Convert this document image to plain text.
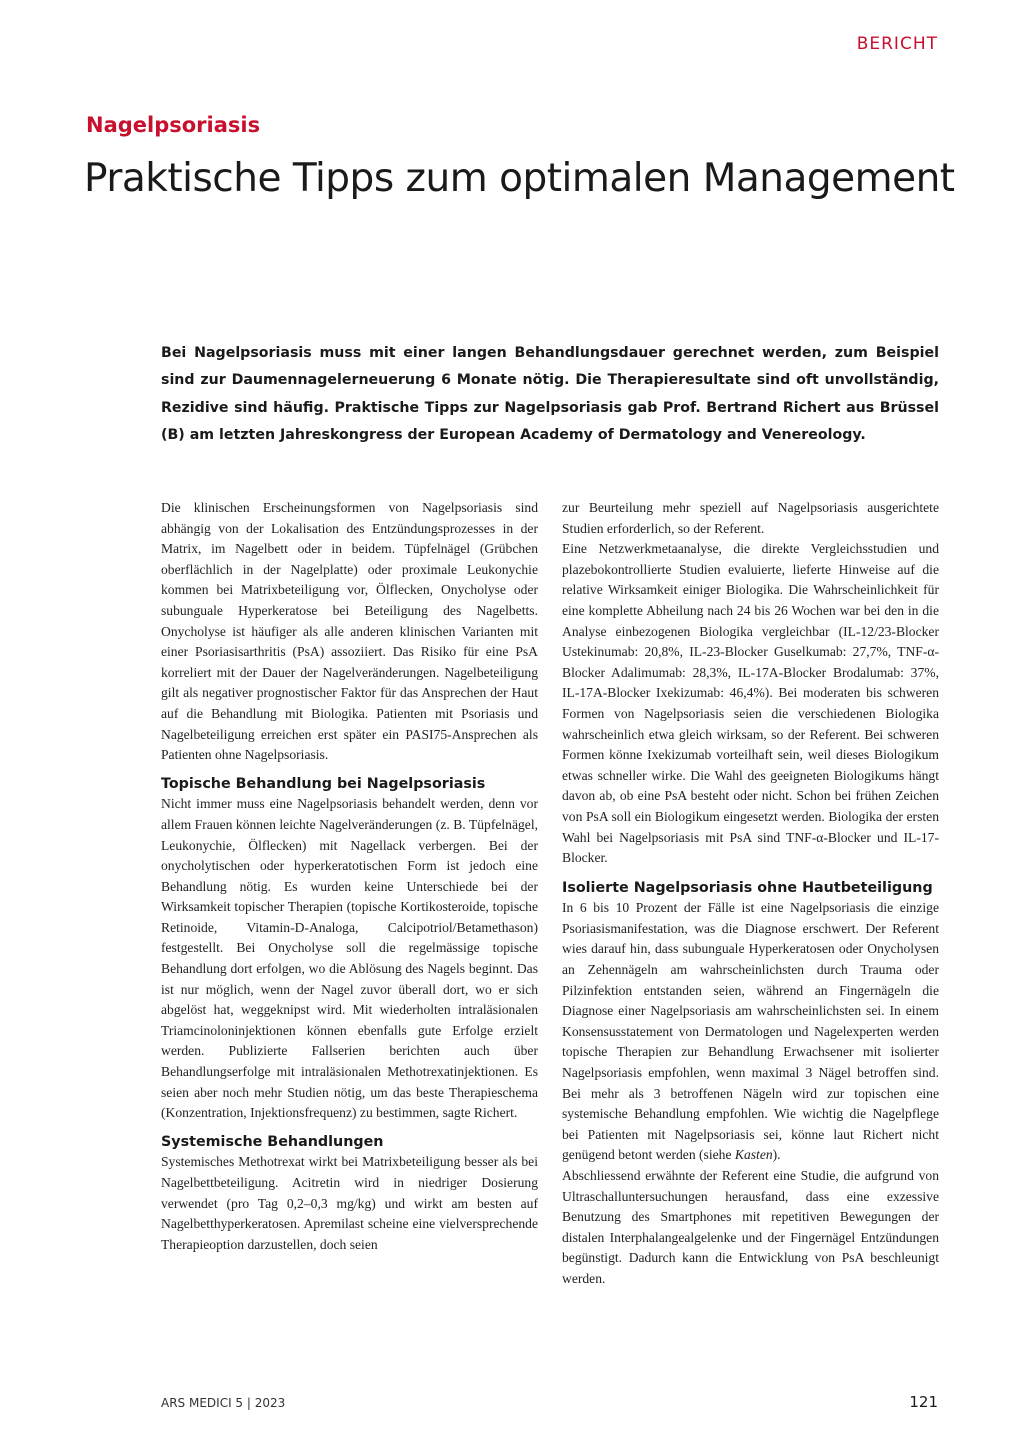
BERICHT
Nagelpsoriasis
Praktische Tipps zum optimalen Management

Bei Nagelpsoriasis muss mit einer langen Behandlungsdauer gerechnet werden, zum Beispiel sind zur Daumennagelerneuerung 6 Monate nötig. Die Therapieresultate sind oft unvollständig, Rezidive sind häufig. Praktische Tipps zur Nagelpsoriasis gab Prof. Bertrand Richert aus Brüssel (B) am letzten Jahreskongress der European Academy of Dermatology and Venereology.

Die klinischen Erscheinungsformen von Nagelpsoriasis sind abhängig von der Lokalisation des Entzündungsprozesses in der Matrix, im Nagelbett oder in beidem. Tüpfelnägel (Grübchen oberflächlich in der Nagelplatte) oder proximale Leukonychie kommen bei Matrixbeteiligung vor, Ölflecken, Onycholyse oder subunguale Hyperkeratose bei Beteiligung des Nagelbetts. Onycholyse ist häufiger als alle anderen klinischen Varianten mit einer Psoriasisarthritis (PsA) assoziiert. Das Risiko für eine PsA korreliert mit der Dauer der Nagelveränderungen. Nagelbeteiligung gilt als negativer prognostischer Faktor für das Ansprechen der Haut auf die Behandlung mit Biologika. Patienten mit Psoriasis und Nagelbeteiligung erreichen erst später ein PASI75-Ansprechen als Patienten ohne Nagelpsoriasis.

Topische Behandlung bei Nagelpsoriasis

Nicht immer muss eine Nagelpsoriasis behandelt werden, denn vor allem Frauen können leichte Nagelveränderungen (z. B. Tüpfelnägel, Leukonychie, Ölflecken) mit Nagellack verbergen. Bei der onycholytischen oder hyperkeratotischen Form ist jedoch eine Behandlung nötig. Es wurden keine Unterschiede bei der Wirksamkeit topischer Therapien (topische Kortikosteroide, topische Retinoide, Vitamin-D-Analoga, Calcipotriol/Betamethason) festgestellt. Bei Onycholyse soll die regelmässige topische Behandlung dort erfolgen, wo die Ablösung des Nagels beginnt. Das ist nur möglich, wenn der Nagel zuvor überall dort, wo er sich abgelöst hat, weggeknipst wird. Mit wiederholten intraläsionalen Triamcinoloninjektionen können ebenfalls gute Erfolge erzielt werden. Publizierte Fallserien berichten auch über Behandlungserfolge mit intraläsionalen Methotrexatinjektionen. Es seien aber noch mehr Studien nötig, um das beste Therapieschema (Konzentration, Injektionsfrequenz) zu bestimmen, sagte Richert.

Systemische Behandlungen

Systemisches Methotrexat wirkt bei Matrixbeteiligung besser als bei Nagelbettbeteiligung. Acitretin wird in niedriger Dosierung verwendet (pro Tag 0,2–0,3 mg/kg) und wirkt am besten auf Nagelbetthyperkeratosen. Apremilast scheine eine vielversprechende Therapieoption darzustellen, doch seien

zur Beurteilung mehr speziell auf Nagelpsoriasis ausgerichtete Studien erforderlich, so der Referent.

Eine Netzwerkmetaanalyse, die direkte Vergleichsstudien und plazebokontrollierte Studien evaluierte, lieferte Hinweise auf die relative Wirksamkeit einiger Biologika. Die Wahrscheinlichkeit für eine komplette Abheilung nach 24 bis 26 Wochen war bei den in die Analyse einbezogenen Biologika vergleichbar (IL-12/23-Blocker Ustekinumab: 20,8%, IL-23-Blocker Guselkumab: 27,7%, TNF-α-Blocker Adalimumab: 28,3%, IL-17A-Blocker Brodalumab: 37%, IL-17A-Blocker Ixekizumab: 46,4%). Bei moderaten bis schweren Formen von Nagelpsoriasis seien die verschiedenen Biologika wahrscheinlich etwa gleich wirksam, so der Referent. Bei schweren Formen könne Ixekizumab vorteilhaft sein, weil dieses Biologikum etwas schneller wirke. Die Wahl des geeigneten Biologikums hängt davon ab, ob eine PsA besteht oder nicht. Schon bei frühen Zeichen von PsA soll ein Biologikum eingesetzt werden. Biologika der ersten Wahl bei Nagelpsoriasis mit PsA sind TNF-α-Blocker und IL-17-Blocker.

Isolierte Nagelpsoriasis ohne Hautbeteiligung

In 6 bis 10 Prozent der Fälle ist eine Nagelpsoriasis die einzige Psoriasismanifestation, was die Diagnose erschwert. Der Referent wies darauf hin, dass subunguale Hyperkeratosen oder Onycholysen an Zehennägeln am wahrscheinlichsten durch Trauma oder Pilzinfektion entstanden seien, während an Fingernägeln die Diagnose einer Nagelpsoriasis am wahrscheinlichsten sei. In einem Konsensusstatement von Dermatologen und Nagelexperten werden topische Therapien zur Behandlung Erwachsener mit isolierter Nagelpsoriasis empfohlen, wenn maximal 3 Nägel betroffen sind. Bei mehr als 3 betroffenen Nägeln wird zur topischen eine systemische Behandlung empfohlen. Wie wichtig die Nagelpflege bei Patienten mit Nagelpsoriasis sei, könne laut Richert nicht genügend betont werden (siehe Kasten).

Abschliessend erwähnte der Referent eine Studie, die aufgrund von Ultraschalluntersuchungen herausfand, dass eine exzessive Benutzung des Smartphones mit repetitiven Bewegungen der distalen Interphalangealgelenke und der Fingernägel Entzündungen begünstigt. Dadurch kann die Entwicklung von PsA beschleunigt werden.

ARS MEDICI 5 | 2023	121
